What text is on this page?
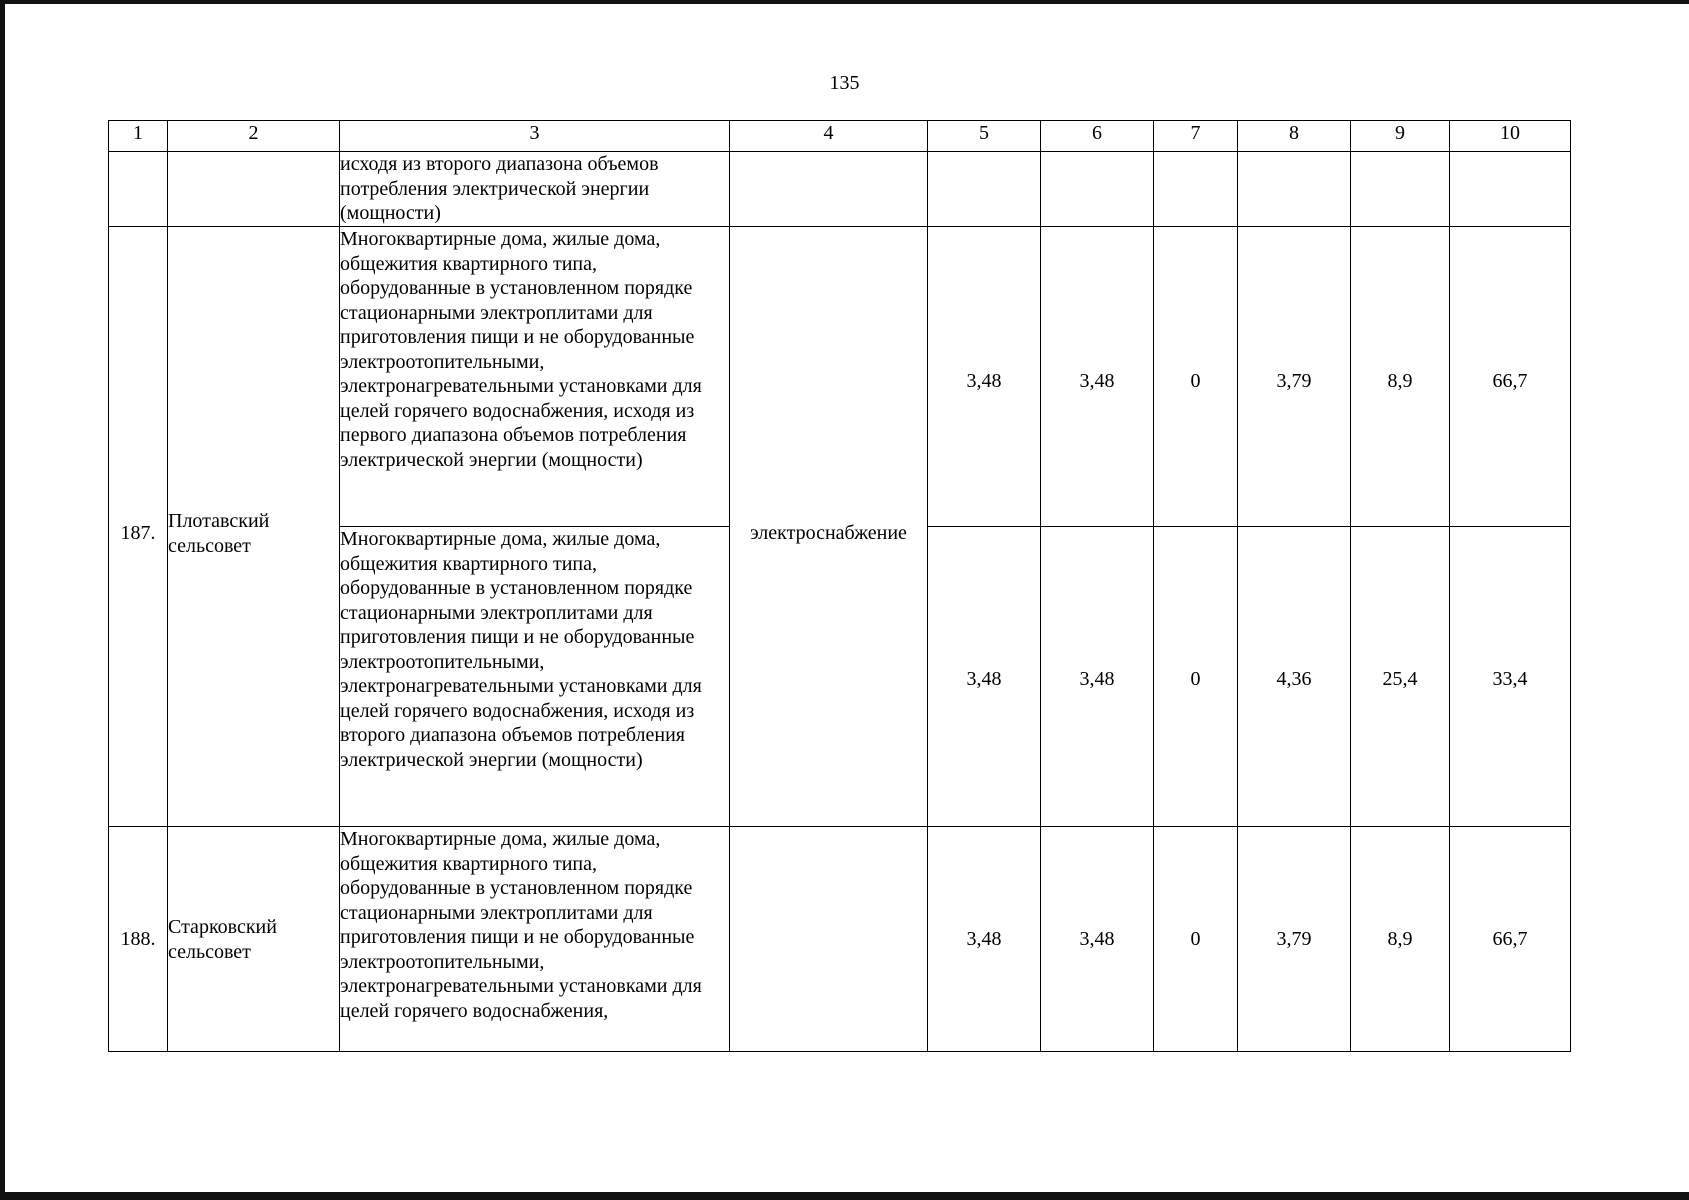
135
1	2	3	4	5	6	7	8	9	10
		исходя из второго диапазона объемов потребления электрической энергии (мощности)							
187.	Плотавский сельсовет	Многоквартирные дома, жилые дома, общежития квартирного типа, оборудованные в установленном порядке стационарными электроплитами для приготовления пищи и не оборудованные электроотопительными, электронагревательными установками для целей горячего водоснабжения, исходя из первого диапазона объемов потребления электрической энергии (мощности)	электроснабжение	3,48	3,48	0	3,79	8,9	66,7
		Многоквартирные дома, жилые дома, общежития квартирного типа, оборудованные в установленном порядке стационарными электроплитами для приготовления пищи и не оборудованные электроотопительными, электронагревательными установками для целей горячего водоснабжения, исходя из второго диапазона объемов потребления электрической энергии (мощности)		3,48	3,48	0	4,36	25,4	33,4
188.	Старковский сельсовет	Многоквартирные дома, жилые дома, общежития квартирного типа, оборудованные в установленном порядке стационарными электроплитами для приготовления пищи и не оборудованные электроотопительными, электронагревательными установками для целей горячего водоснабжения,		3,48	3,48	0	3,79	8,9	66,7
